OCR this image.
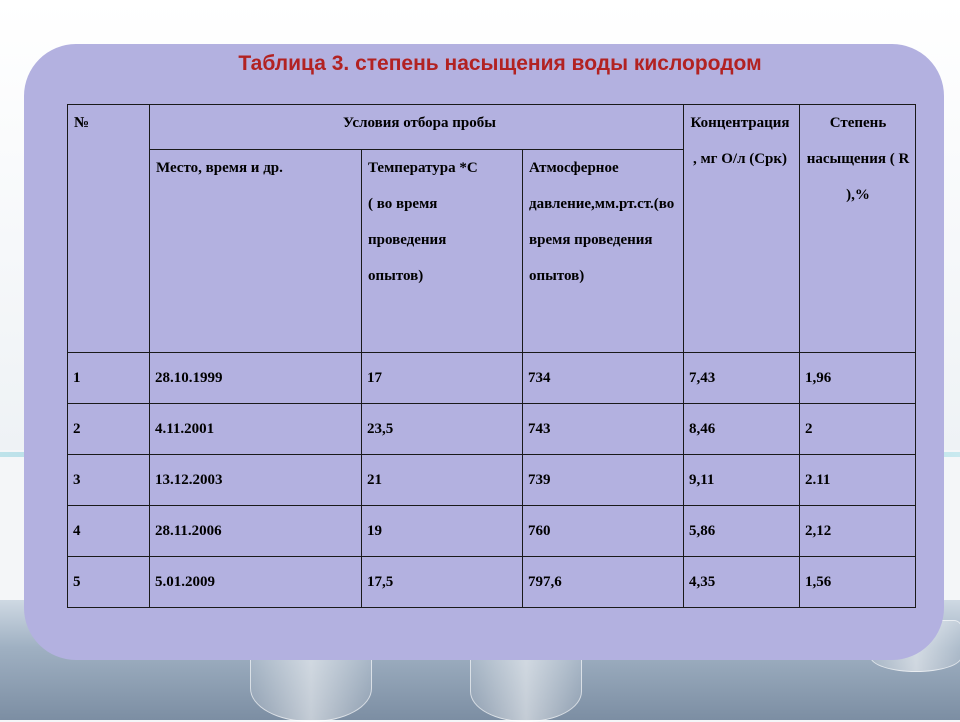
Таблица 3. степень насыщения воды кислородом
№	Условия отбора пробы			Концентрация , мг О/л (Срк)	Степень насыщения ( R ),%

	Место, время и др.	Температура *С ( во время проведения опытов)	Атмосферное давление,мм.рт.ст.(во время проведения опытов)		

1	28.10.1999	17	734	7,43	1,96
2	4.11.2001	23,5	743	8,46	2
3	13.12.2003	21	739	9,11	2.11
4	28.11.2006	19	760	5,86	2,12
5	5.01.2009	17,5	797,6	4,35	1,56
